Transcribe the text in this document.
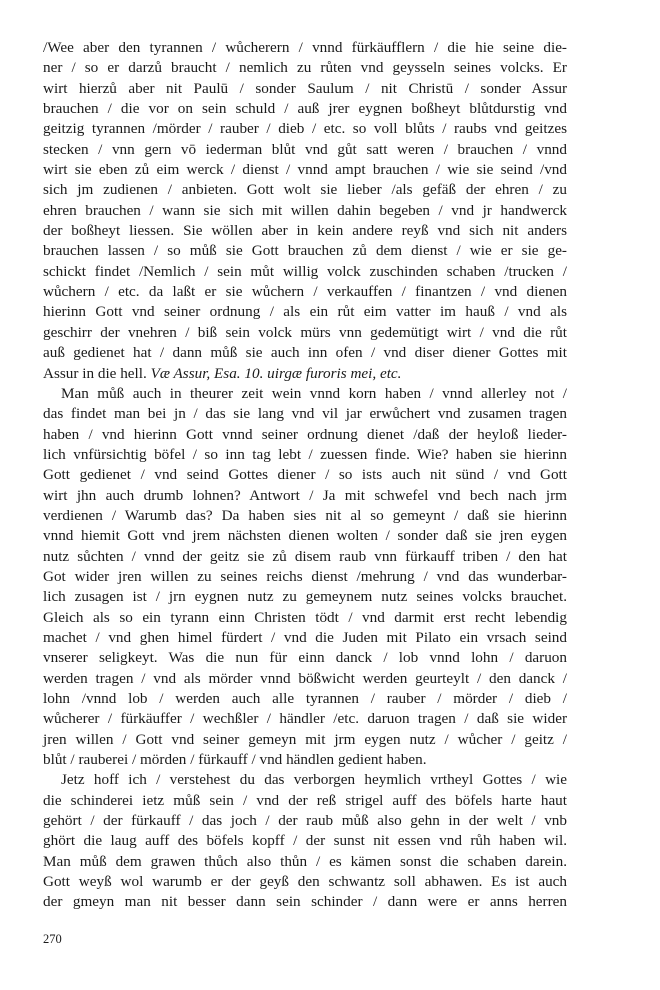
/Wee aber den tyrannen / wůcherern / vnnd fürkäufflern / die hie seine die-
ner / so er darzů braucht / nemlich zu růten vnd geysseln seines volcks. Er
wirt hierzů aber nit Paulū / sonder Saulum / nit Christū / sonder Assur
brauchen / die vor on sein schuld / auß jrer eygnen boßheyt blůtdurstig vnd
geitzig tyrannen /mörder / rauber / dieb / etc. so voll blůts / raubs vnd geitzes
stecken / vnn gern vō iederman blůt vnd gůt satt weren / brauchen / vnnd
wirt sie eben zů eim werck / dienst / vnnd ampt brauchen / wie sie seind /vnd
sich jm zudienen / anbieten. Gott wolt sie lieber /als gefäß der ehren / zu
ehren brauchen / wann sie sich mit willen dahin begeben / vnd jr handwerck
der boßheyt liessen. Sie wöllen aber in kein andere reyß vnd sich nit anders
brauchen lassen / so můß sie Gott brauchen zů dem dienst / wie er sie ge-
schickt findet /Nemlich / sein můt willig volck zuschinden schaben /trucken /
wůchern / etc. da laßt er sie wůchern / verkauffen / finantzen / vnd dienen
hierinn Gott vnd seiner ordnung / als ein růt eim vatter im hauß / vnd als
geschirr der vnehren / biß sein volck mürs vnn gedemütigt wirt / vnd die růt
auß gedienet hat / dann můß sie auch inn ofen / vnd diser diener Gottes mit
Assur in die hell. Væ Assur, Esa. 10. uirgæ furoris mei, etc.
Man můß auch in theurer zeit wein vnnd korn haben / vnnd allerley not /
das findet man bei jn / das sie lang vnd vil jar erwůchert vnd zusamen tragen
haben / vnd hierinn Gott vnnd seiner ordnung dienet /daß der heyloß lieder-
lich vnfürsichtig böfel / so inn tag lebt / zuessen finde. Wie? haben sie hierinn
Gott gedienet / vnd seind Gottes diener / so ists auch nit sünd / vnd Gott
wirt jhn auch drumb lohnen? Antwort / Ja mit schwefel vnd bech nach jrm
verdienen / Warumb das? Da haben sies nit al so gemeynt / daß sie hierinn
vnnd hiemit Gott vnd jrem nächsten dienen wolten / sonder daß sie jren eygen
nutz sůchten / vnnd der geitz sie zů disem raub vnn fürkauff triben / den hat
Got wider jren willen zu seines reichs dienst /mehrung / vnd das wunderbar-
lich zusagen ist / jrn eygnen nutz zu gemeynem nutz seines volcks brauchet.
Gleich als so ein tyrann einn Christen tödt / vnd darmit erst recht lebendig
machet / vnd ghen himel fürdert / vnd die Juden mit Pilato ein vrsach seind
vnserer seligkeyt. Was die nun für einn danck / lob vnnd lohn / daruon
werden tragen / vnd als mörder vnnd bößwicht werden geurteylt / den danck /
lohn /vnnd lob / werden auch alle tyrannen / rauber / mörder / dieb /
wůcherer / fürkäuffer / wechßler / händler /etc. daruon tragen / daß sie wider
jren willen / Gott vnd seiner gemeyn mit jrm eygen nutz / wůcher / geitz /
blůt / rauberei / mörden / fürkauff / vnd händlen gedient haben.
Jetz hoff ich / verstehest du das verborgen heymlich vrtheyl Gottes / wie
die schinderei ietz můß sein / vnd der reß strigel auff des böfels harte haut
gehört / der fürkauff / das joch / der raub můß also gehn in der welt / vnb
ghört die laug auff des böfels kopff / der sunst nit essen vnd růh haben wil.
Man můß dem grawen thůch also thůn / es kämen sonst die schaben darein.
Gott weyß wol warumb er der geyß den schwantz soll abhawen. Es ist auch
der gmeyn man nit besser dann sein schinder / dann were er anns herren
270
